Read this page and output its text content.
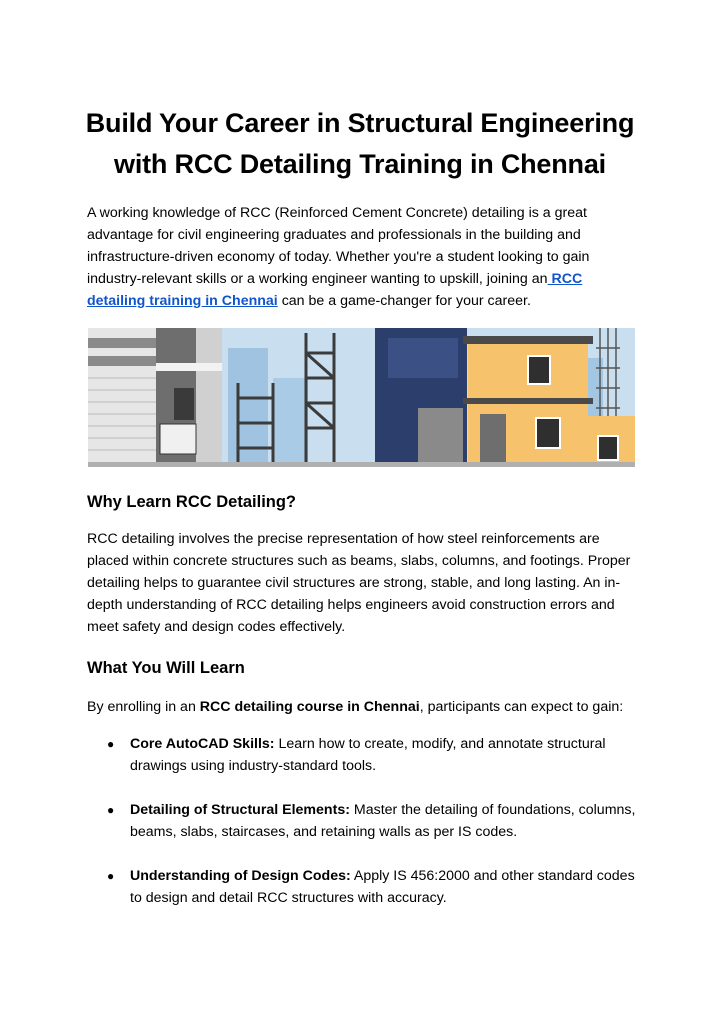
Build Your Career in Structural Engineering with RCC Detailing Training in Chennai

A working knowledge of RCC (Reinforced Cement Concrete) detailing is a great advantage for civil engineering graduates and professionals in the building and infrastructure-driven economy of today. Whether you're a student looking to gain industry-relevant skills or a working engineer wanting to upskill, joining an RCC detailing training in Chennai can be a game-changer for your career.

Why Learn RCC Detailing?

RCC detailing involves the precise representation of how steel reinforcements are placed within concrete structures such as beams, slabs, columns, and footings. Proper detailing helps to guarantee civil structures are strong, stable, and long lasting. An in-depth understanding of RCC detailing helps engineers avoid construction errors and meet safety and design codes effectively.

What You Will Learn

By enrolling in an RCC detailing course in Chennai, participants can expect to gain:

● Core AutoCAD Skills: Learn how to create, modify, and annotate structural drawings using industry-standard tools.
● Detailing of Structural Elements: Master the detailing of foundations, columns, beams, slabs, staircases, and retaining walls as per IS codes.
● Understanding of Design Codes: Apply IS 456:2000 and other standard codes to design and detail RCC structures with accuracy.
